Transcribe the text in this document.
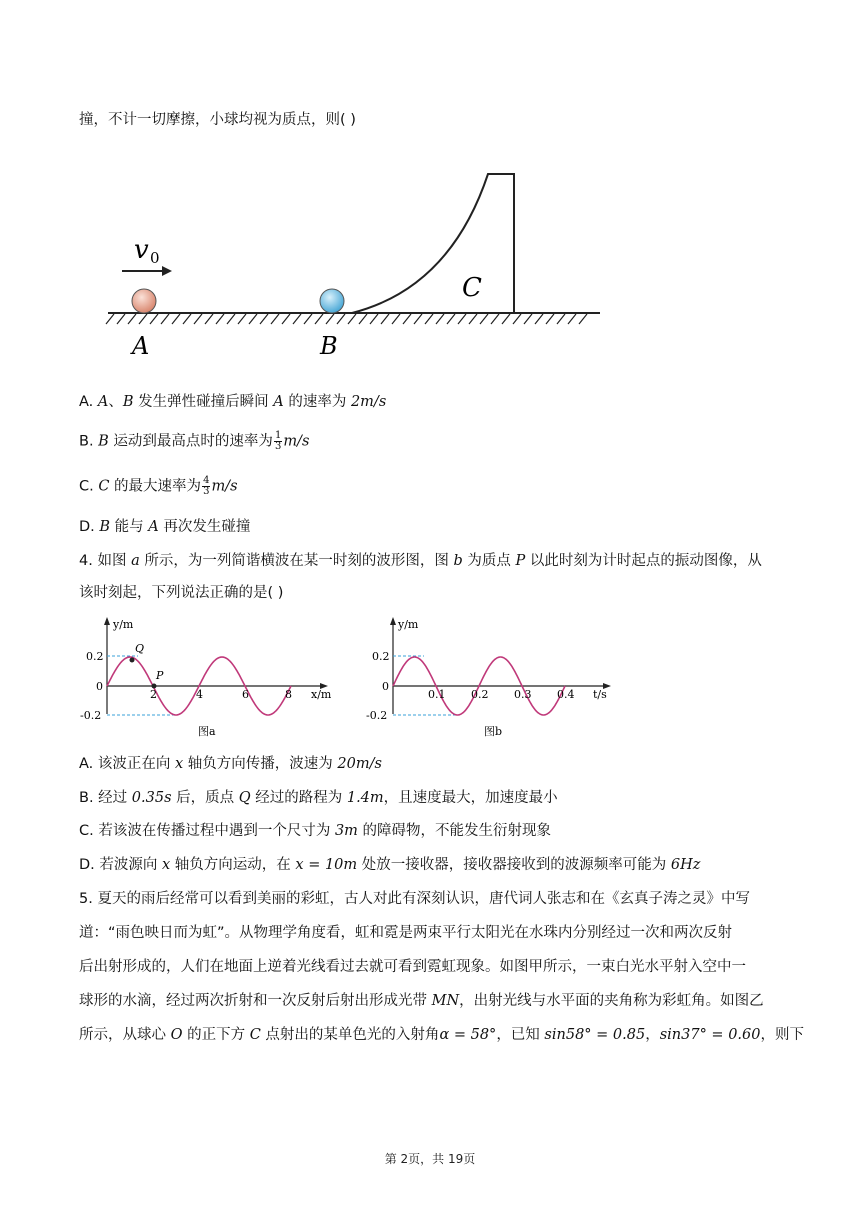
撞，不计一切摩擦，小球均视为质点，则( )
v 0
A	B
C
A. A、B 发生弹性碰撞后瞬间 A 的速率为 2m/s
B. B 运动到最高点时的速率为 $\frac{1}{3} m/s$
C. C 的最大速率为 $\frac{4}{3} m/s$
D. B 能与 A 再次发生碰撞
4. 如图 a 所示，为一列简谐横波在某一时刻的波形图，图 b 为质点 P 以此时刻为计时起点的振动图像，从
该时刻起，下列说法正确的是( )
Q
P
y/m
x/m
0.2
0
-0.2
2	4	6	8
图a
y/m
t/s
0.2
0
-0.2
0.1 0.2 0.3 0.4
图b
A. 该波正在向 x 轴负方向传播，波速为 20m/s
B. 经过 0.35s 后，质点 Q 经过的路程为 1.4m，且速度最大，加速度最小
C. 若该波在传播过程中遇到一个尺寸为 3m 的障碍物，不能发生衍射现象
D. 若波源向 x 轴负方向运动，在 x = 10m 处放一接收器，接收器接收到的波源频率可能为 6Hz
5. 夏天的雨后经常可以看到美丽的彩虹，古人对此有深刻认识，唐代词人张志和在《玄真子涛之灵》中写
道：“雨色映日而为虹”。从物理学角度看，虹和霓是两束平行太阳光在水珠内分别经过一次和两次反射
后出射形成的，人们在地面上逆着光线看过去就可看到霓虹现象。如图甲所示，一束白光水平射入空中一
球形的水滴，经过两次折射和一次反射后射出形成光带 MN，出射光线与水平面的夹角称为彩虹角。如图乙
所示，从球心 O 的正下方 C 点射出的某单色光的入射角α = 58°，已知 sin58° = 0.85，sin37° = 0.60，则下
第 2页，共 19页
